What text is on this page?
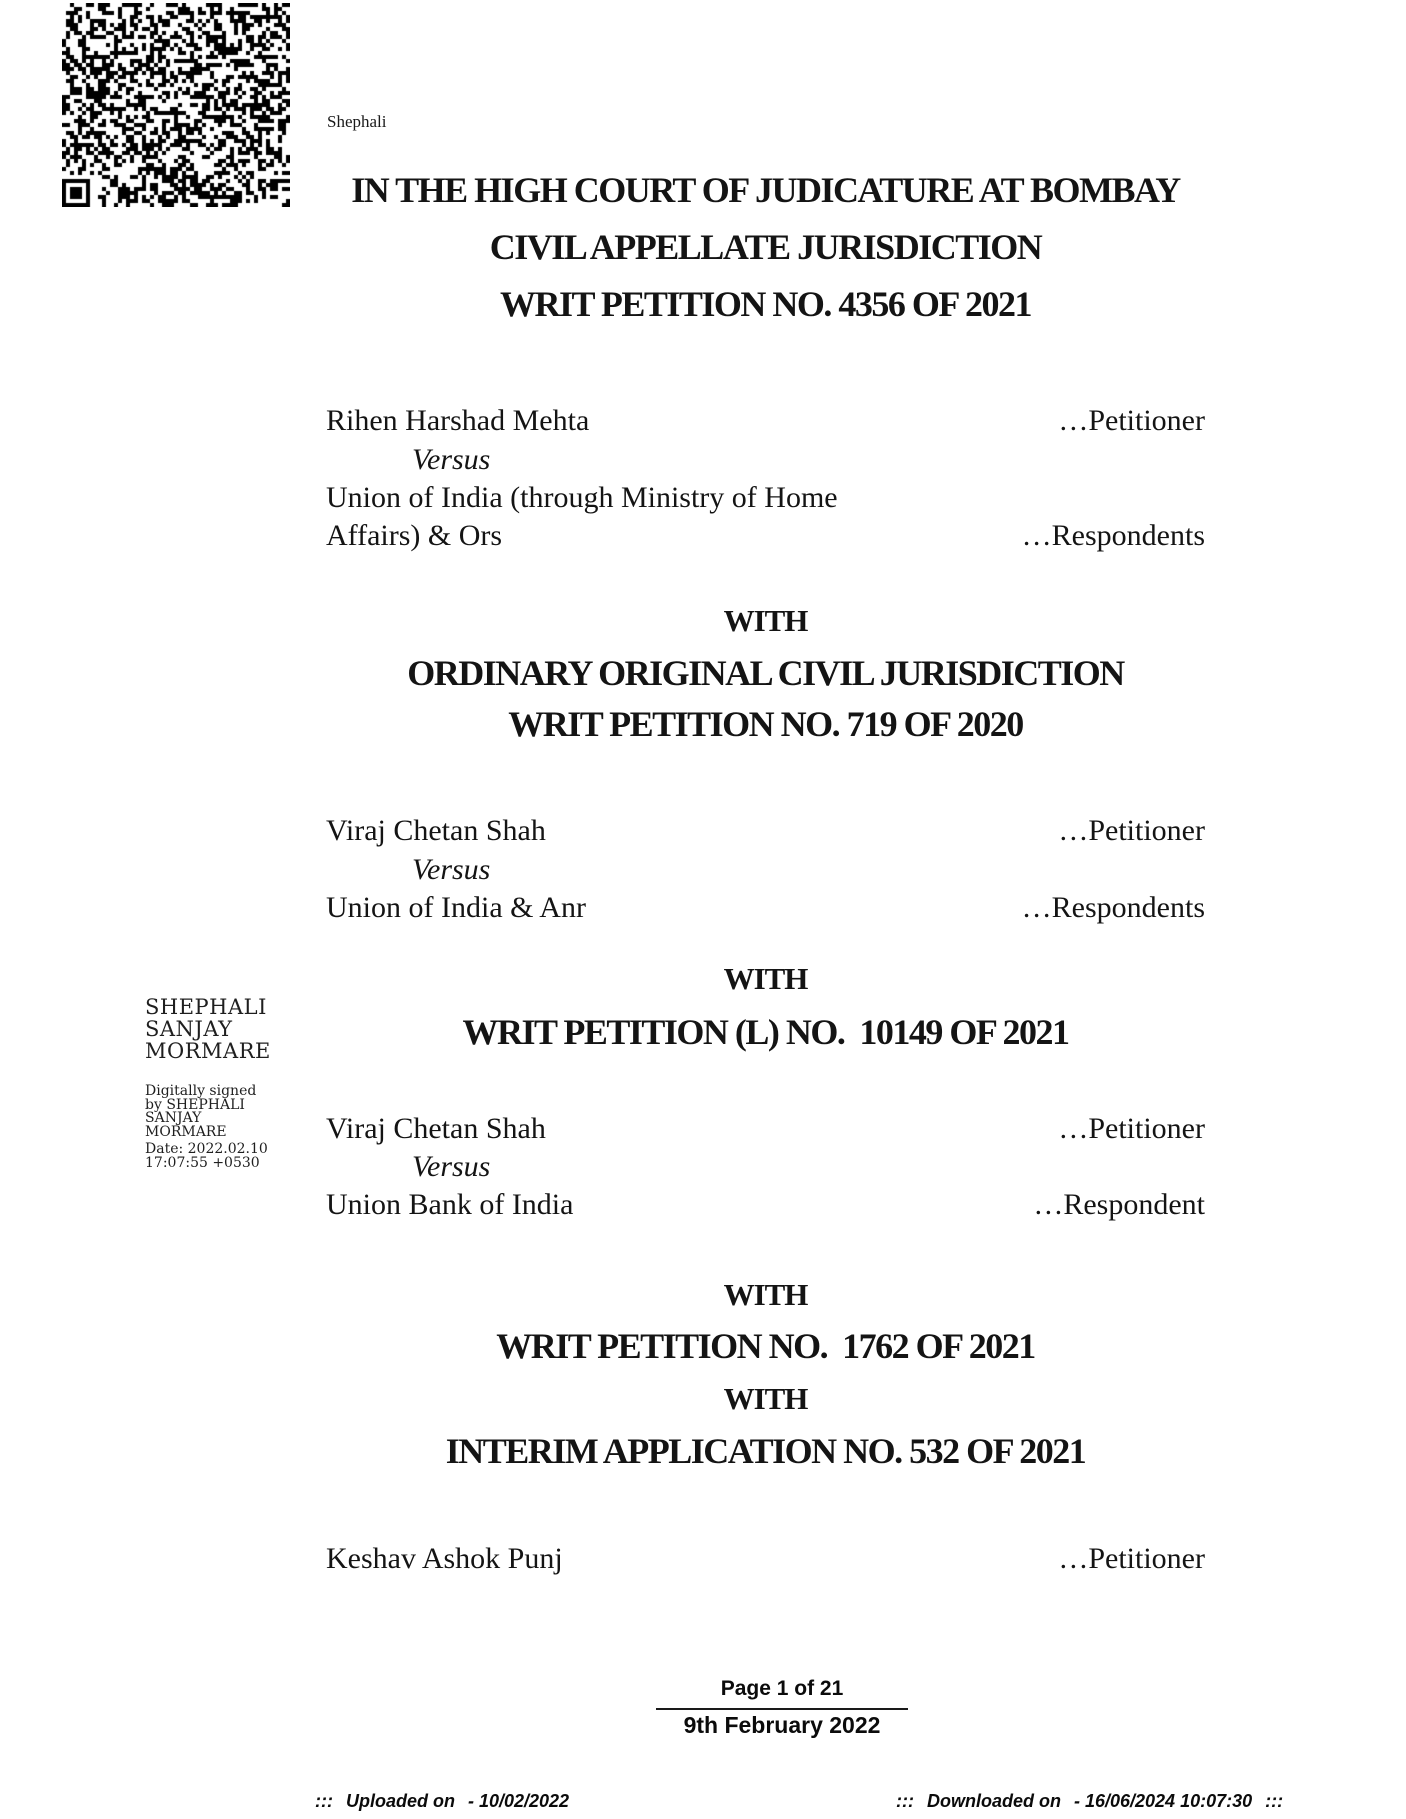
Shephali
IN THE HIGH COURT OF JUDICATURE AT BOMBAY
CIVIL APPELLATE JURISDICTION
WRIT PETITION NO. 4356 OF 2021
Rihen Harshad Mehta	…Petitioner
Versus
Union of India (through Ministry of Home
Affairs) & Ors	…Respondents
WITH
ORDINARY ORIGINAL CIVIL JURISDICTION
WRIT PETITION NO. 719 OF 2020
Viraj Chetan Shah	…Petitioner
Versus
Union of India & Anr	…Respondents
WITH
WRIT PETITION (L) NO.  10149 OF 2021
SHEPHALI
SANJAY
MORMARE
Digitally signed
by SHEPHALI
SANJAY
MORMARE
Date: 2022.02.10
17:07:55 +0530
Viraj Chetan Shah	…Petitioner
Versus
Union Bank of India	…Respondent
WITH
WRIT PETITION NO.  1762 OF 2021
WITH
INTERIM APPLICATION NO. 532 OF 2021
Keshav Ashok Punj	…Petitioner
Page 1 of 21
9th February 2022
::: Uploaded on - 10/02/2022	::: Downloaded on - 16/06/2024 10:07:30 :::
